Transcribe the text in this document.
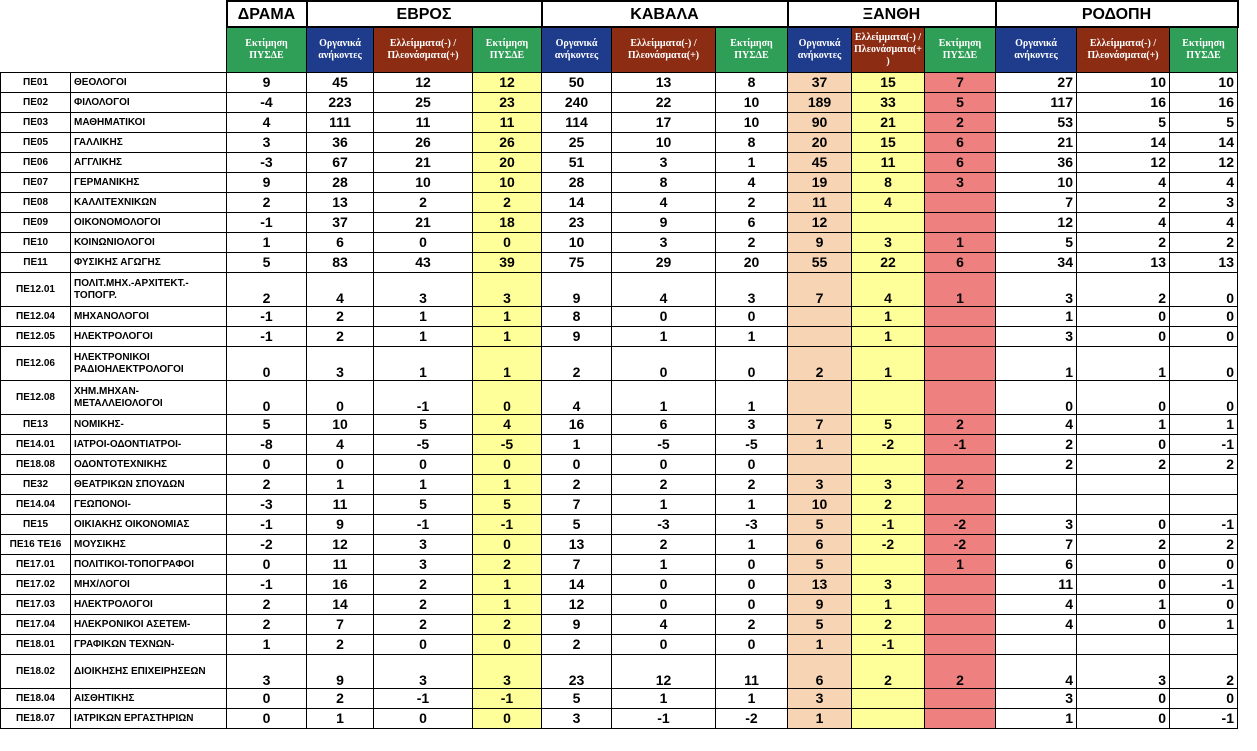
		ΔΡΑΜΑ	ΕΒΡΟΣ			ΚΑΒΑΛΑ			ΞΑΝΘΗ			ΡΟΔΟΠΗ		
		Εκτίμηση ΠΥΣΔΕ	Οργανικά ανήκοντες	Ελλείμματα(-) / Πλεονάσματα(+)	Εκτίμηση ΠΥΣΔΕ	Οργανικά ανήκοντες	Ελλείμματα(-) / Πλεονάσματα(+)	Εκτίμηση ΠΥΣΔΕ	Οργανικά ανήκοντες	Ελλείμματα(-) / Πλεονάσματα(+ )	Εκτίμηση ΠΥΣΔΕ	Οργανικά ανήκοντες	Ελλείμματα(-) / Πλεονάσματα(+)	Εκτίμηση ΠΥΣΔΕ
ΠΕ01	ΘΕΟΛΟΓΟΙ	9	45	12	12	50	13	8	37	15	7	27	10	10
ΠΕ02	ΦΙΛΟΛΟΓΟΙ	-4	223	25	23	240	22	10	189	33	5	117	16	16
ΠΕ03	ΜΑΘΗΜΑΤΙΚΟΙ	4	111	11	11	114	17	10	90	21	2	53	5	5
ΠΕ05	ΓΑΛΛΙΚΗΣ	3	36	26	26	25	10	8	20	15	6	21	14	14
ΠΕ06	ΑΓΓΛΙΚΗΣ	-3	67	21	20	51	3	1	45	11	6	36	12	12
ΠΕ07	ΓΕΡΜΑΝΙΚΗΣ	9	28	10	10	28	8	4	19	8	3	10	4	4
ΠΕ08	ΚΑΛΛΙΤΕΧΝΙΚΩΝ	2	13	2	2	14	4	2	11	4		7	2	3
ΠΕ09	ΟΙΚΟΝΟΜΟΛΟΓΟΙ	-1	37	21	18	23	9	6	12			12	4	4
ΠΕ10	ΚΟΙΝΩΝΙΟΛΟΓΟΙ	1	6	0	0	10	3	2	9	3	1	5	2	2
ΠΕ11	ΦΥΣΙΚΗΣ ΑΓΩΓΗΣ	5	83	43	39	75	29	20	55	22	6	34	13	13
ΠΕ12.01	ΠΟΛΙΤ.ΜΗΧ.-ΑΡΧΙΤΕΚΤ.-ΤΟΠΟΓΡ.	2	4	3	3	9	4	3	7	4	1	3	2	0
ΠΕ12.04	ΜΗΧΑΝΟΛΟΓΟΙ	-1	2	1	1	8	0	0		1		1	0	0
ΠΕ12.05	ΗΛΕΚΤΡΟΛΟΓΟΙ	-1	2	1	1	9	1	1		1		3	0	0
ΠΕ12.06	ΗΛΕΚΤΡΟΝΙΚΟΙ ΡΑΔΙΟΗΛΕΚΤΡΟΛΟΓΟΙ	0	3	1	1	2	0	0	2	1		1	1	0
ΠΕ12.08	ΧΗΜ.ΜΗΧΑΝ-ΜΕΤΑΛΛΕΙΟΛΟΓΟΙ	0	0	-1	0	4	1	1				0	0	0
ΠΕ13	ΝΟΜΙΚΗΣ-	5	10	5	4	16	6	3	7	5	2	4	1	1
ΠΕ14.01	ΙΑΤΡΟΙ-ΟΔΟΝΤΙΑΤΡΟΙ-	-8	4	-5	-5	1	-5	-5	1	-2	-1	2	0	-1
ΠΕ18.08	ΟΔΟΝΤΟΤΕΧΝΙΚΗΣ	0	0	0	0	0	0	0				2	2	2
ΠΕ32	ΘΕΑΤΡΙΚΩΝ ΣΠΟΥΔΩΝ	2	1	1	1	2	2	2	3	3	2			
ΠΕ14.04	ΓΕΩΠΟΝΟΙ-	-3	11	5	5	7	1	1	10	2				
ΠΕ15	ΟΙΚΙΑΚΗΣ ΟΙΚΟΝΟΜΙΑΣ	-1	9	-1	-1	5	-3	-3	5	-1	-2	3	0	-1
ΠΕ16 ΤΕ16	ΜΟΥΣΙΚΗΣ	-2	12	3	0	13	2	1	6	-2	-2	7	2	2
ΠΕ17.01	ΠΟΛΙΤΙΚΟΙ-ΤΟΠΟΓΡΑΦΟΙ	0	11	3	2	7	1	0	5		1	6	0	0
ΠΕ17.02	ΜΗΧ/ΛΟΓΟΙ	-1	16	2	1	14	0	0	13	3		11	0	-1
ΠΕ17.03	ΗΛΕΚΤΡΟΛΟΓΟΙ	2	14	2	1	12	0	0	9	1		4	1	0
ΠΕ17.04	ΗΛΕΚΡΟΝΙΚΟΙ ΑΣΕΤΕΜ-	2	7	2	2	9	4	2	5	2		4	0	1
ΠΕ18.01	ΓΡΑΦΙΚΩΝ ΤΕΧΝΩΝ-	1	2	0	0	2	0	0	1	-1				
ΠΕ18.02	ΔΙΟΙΚΗΣΗΣ ΕΠΙΧΕΙΡΗΣΕΩΝ	3	9	3	3	23	12	11	6	2	2	4	3	2
ΠΕ18.04	ΑΙΣΘΗΤΙΚΗΣ	0	2	-1	-1	5	1	1	3			3	0	0
ΠΕ18.07	ΙΑΤΡΙΚΩΝ ΕΡΓΑΣΤΗΡΙΩΝ	0	1	0	0	3	-1	-2	1			1	0	-1
